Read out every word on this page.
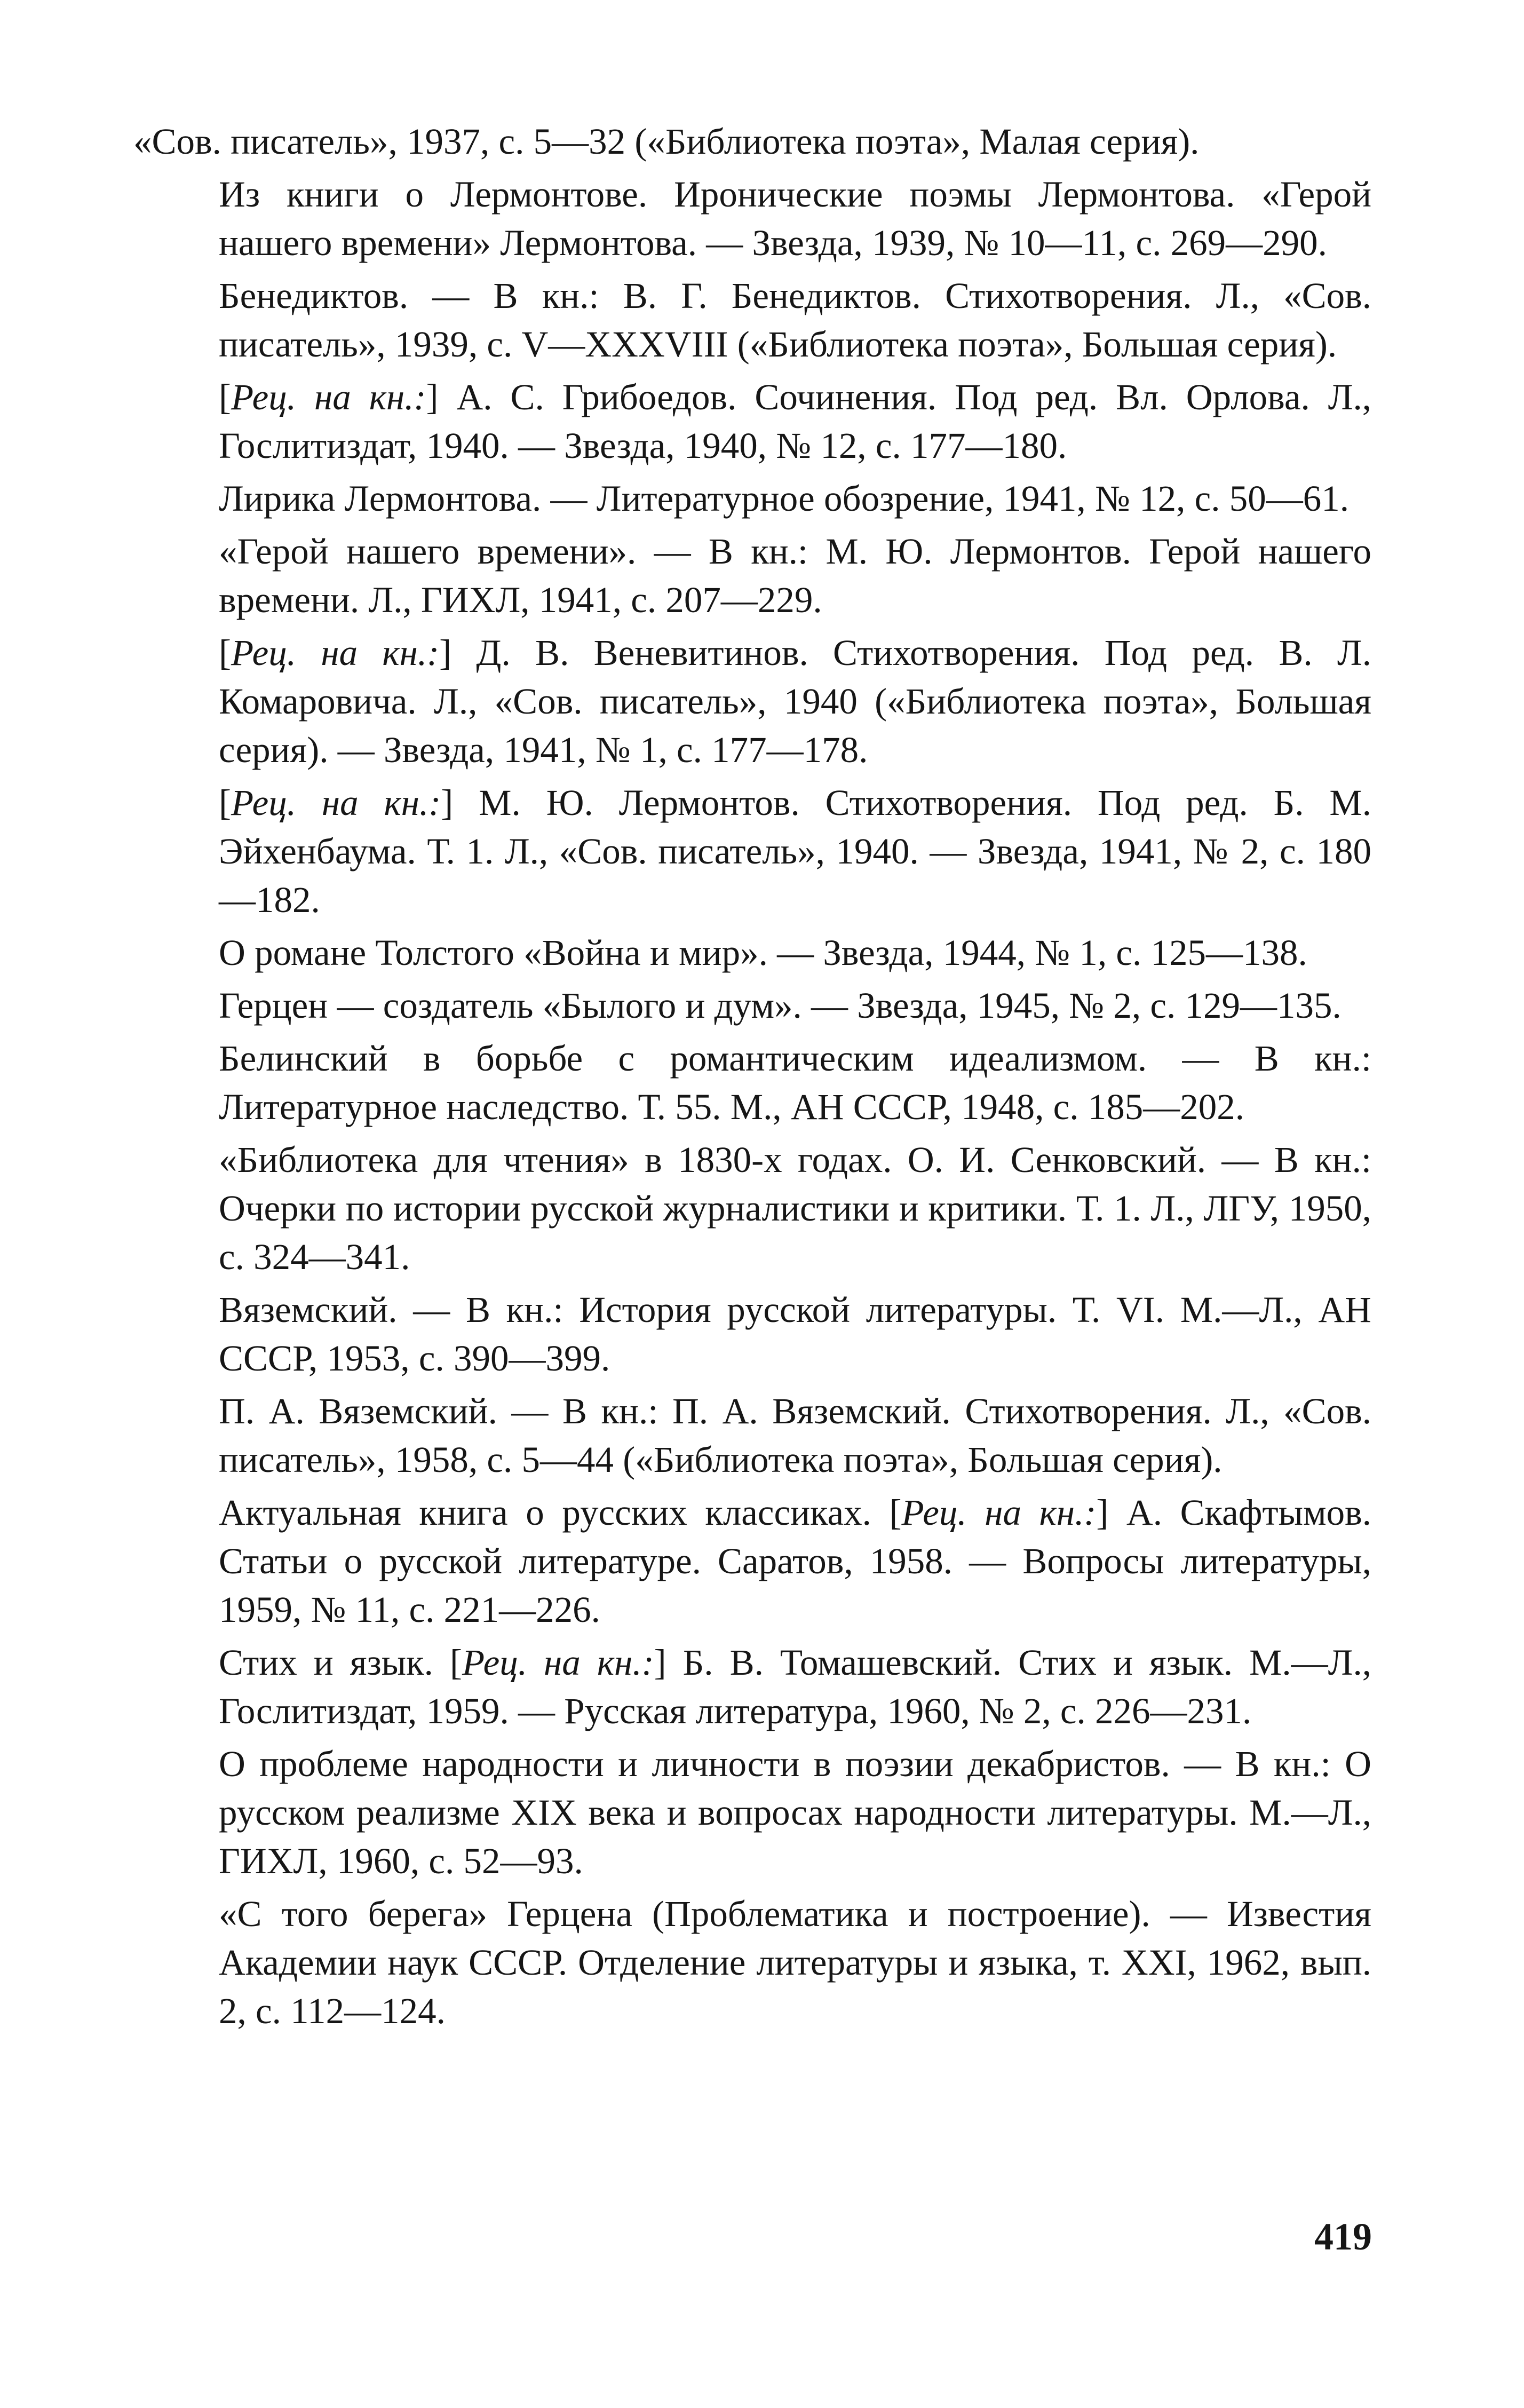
«Сов. писатель», 1937, с. 5—32 («Библиотека поэта», Малая серия).

Из книги о Лермонтове. Иронические поэмы Лермонтова. «Герой нашего времени» Лермонтова. — Звезда, 1939, № 10—11, с. 269—290.

Бенедиктов. — В кн.: В. Г. Бенедиктов. Стихотворения. Л., «Сов. писатель», 1939, с. V—XXXVIII («Библиотека поэта», Большая серия).

[Рец. на кн.:] А. С. Грибоедов. Сочинения. Под ред. Вл. Орлова. Л., Гослитиздат, 1940. — Звезда, 1940, № 12, с. 177—180.

Лирика Лермонтова. — Литературное обозрение, 1941, № 12, с. 50—61.

«Герой нашего времени». — В кн.: М. Ю. Лермонтов. Герой нашего времени. Л., ГИХЛ, 1941, с. 207—229.

[Рец. на кн.:] Д. В. Веневитинов. Стихотворения. Под ред. В. Л. Комаровича. Л., «Сов. писатель», 1940 («Библиотека поэта», Большая серия). — Звезда, 1941, № 1, с. 177—178.

[Рец. на кн.:] М. Ю. Лермонтов. Стихотворения. Под ред. Б. М. Эйхенбаума. Т. 1. Л., «Сов. писатель», 1940. — Звезда, 1941, № 2, с. 180—182.

О романе Толстого «Война и мир». — Звезда, 1944, № 1, с. 125—138.

Герцен — создатель «Былого и дум». — Звезда, 1945, № 2, с. 129—135.

Белинский в борьбе с романтическим идеализмом. — В кн.: Литературное наследство. Т. 55. М., АН СССР, 1948, с. 185—202.

«Библиотека для чтения» в 1830-х годах. О. И. Сенковский. — В кн.: Очерки по истории русской журналистики и критики. Т. 1. Л., ЛГУ, 1950, с. 324—341.

Вяземский. — В кн.: История русской литературы. Т. VI. М.—Л., АН СССР, 1953, с. 390—399.

П. А. Вяземский. — В кн.: П. А. Вяземский. Стихотворения. Л., «Сов. писатель», 1958, с. 5—44 («Библиотека поэта», Большая серия).

Актуальная книга о русских классиках. [Рец. на кн.:] А. Скафтымов. Статьи о русской литературе. Саратов, 1958. — Вопросы литературы, 1959, № 11, с. 221—226.

Стих и язык. [Рец. на кн.:] Б. В. Томашевский. Стих и язык. М.—Л., Гослитиздат, 1959. — Русская литература, 1960, № 2, с. 226—231.

О проблеме народности и личности в поэзии декабристов. — В кн.: О русском реализме XIX века и вопросах народности литературы. М.—Л., ГИХЛ, 1960, с. 52—93.

«С того берега» Герцена (Проблематика и построение). — Известия Академии наук СССР. Отделение литературы и языка, т. XXI, 1962, вып. 2, с. 112—124.

419
